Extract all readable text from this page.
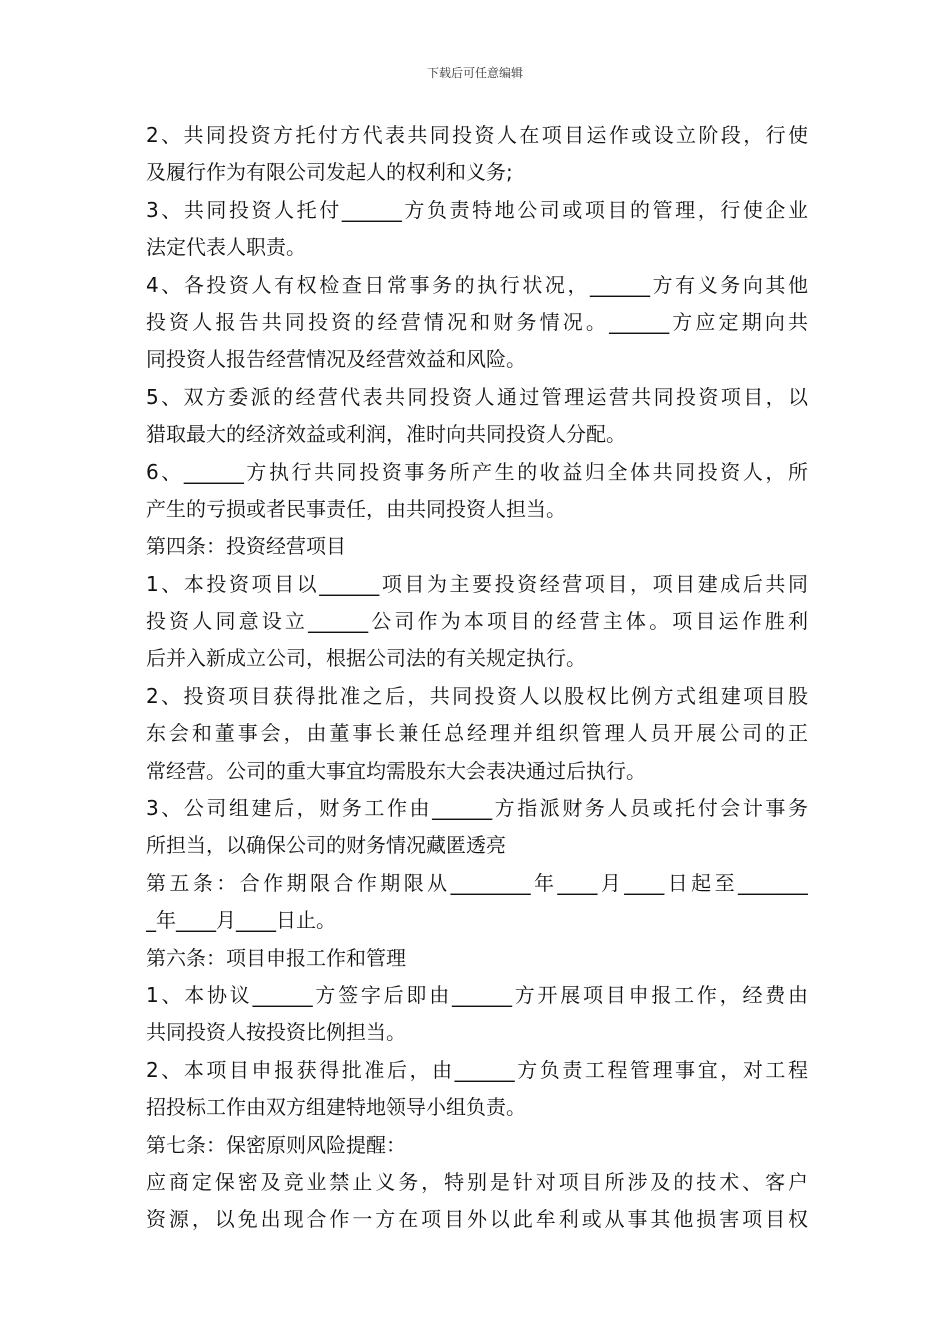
下载后可任意编辑
2、共同投资方托付方代表共同投资人在项目运作或设立阶段，行使
及履行作为有限公司发起人的权利和义务;
3、共同投资人托付______方负责特地公司或项目的管理，行使企业
法定代表人职责。
4、各投资人有权检查日常事务的执行状况，______方有义务向其他
投资人报告共同投资的经营情况和财务情况。______方应定期向共
同投资人报告经营情况及经营效益和风险。
5、双方委派的经营代表共同投资人通过管理运营共同投资项目，以
猎取最大的经济效益或利润，准时向共同投资人分配。
6、______方执行共同投资事务所产生的收益归全体共同投资人，所
产生的亏损或者民事责任，由共同投资人担当。
第四条：投资经营项目
1、本投资项目以______项目为主要投资经营项目，项目建成后共同
投资人同意设立______公司作为本项目的经营主体。项目运作胜利
后并入新成立公司，根据公司法的有关规定执行。
2、投资项目获得批准之后，共同投资人以股权比例方式组建项目股
东会和董事会，由董事长兼任总经理并组织管理人员开展公司的正
常经营。公司的重大事宜均需股东大会表决通过后执行。
3、公司组建后，财务工作由______方指派财务人员或托付会计事务
所担当，以确保公司的财务情况藏匿透亮
第五条：合作期限合作期限从________年____月____日起至_______
_年____月____日止。
第六条：项目申报工作和管理
1、本协议______方签字后即由______方开展项目申报工作，经费由
共同投资人按投资比例担当。
2、本项目申报获得批准后，由______方负责工程管理事宜，对工程
招投标工作由双方组建特地领导小组负责。
第七条：保密原则风险提醒：
应商定保密及竞业禁止义务，特别是针对项目所涉及的技术、客户
资源，以免出现合作一方在项目外以此牟利或从事其他损害项目权
